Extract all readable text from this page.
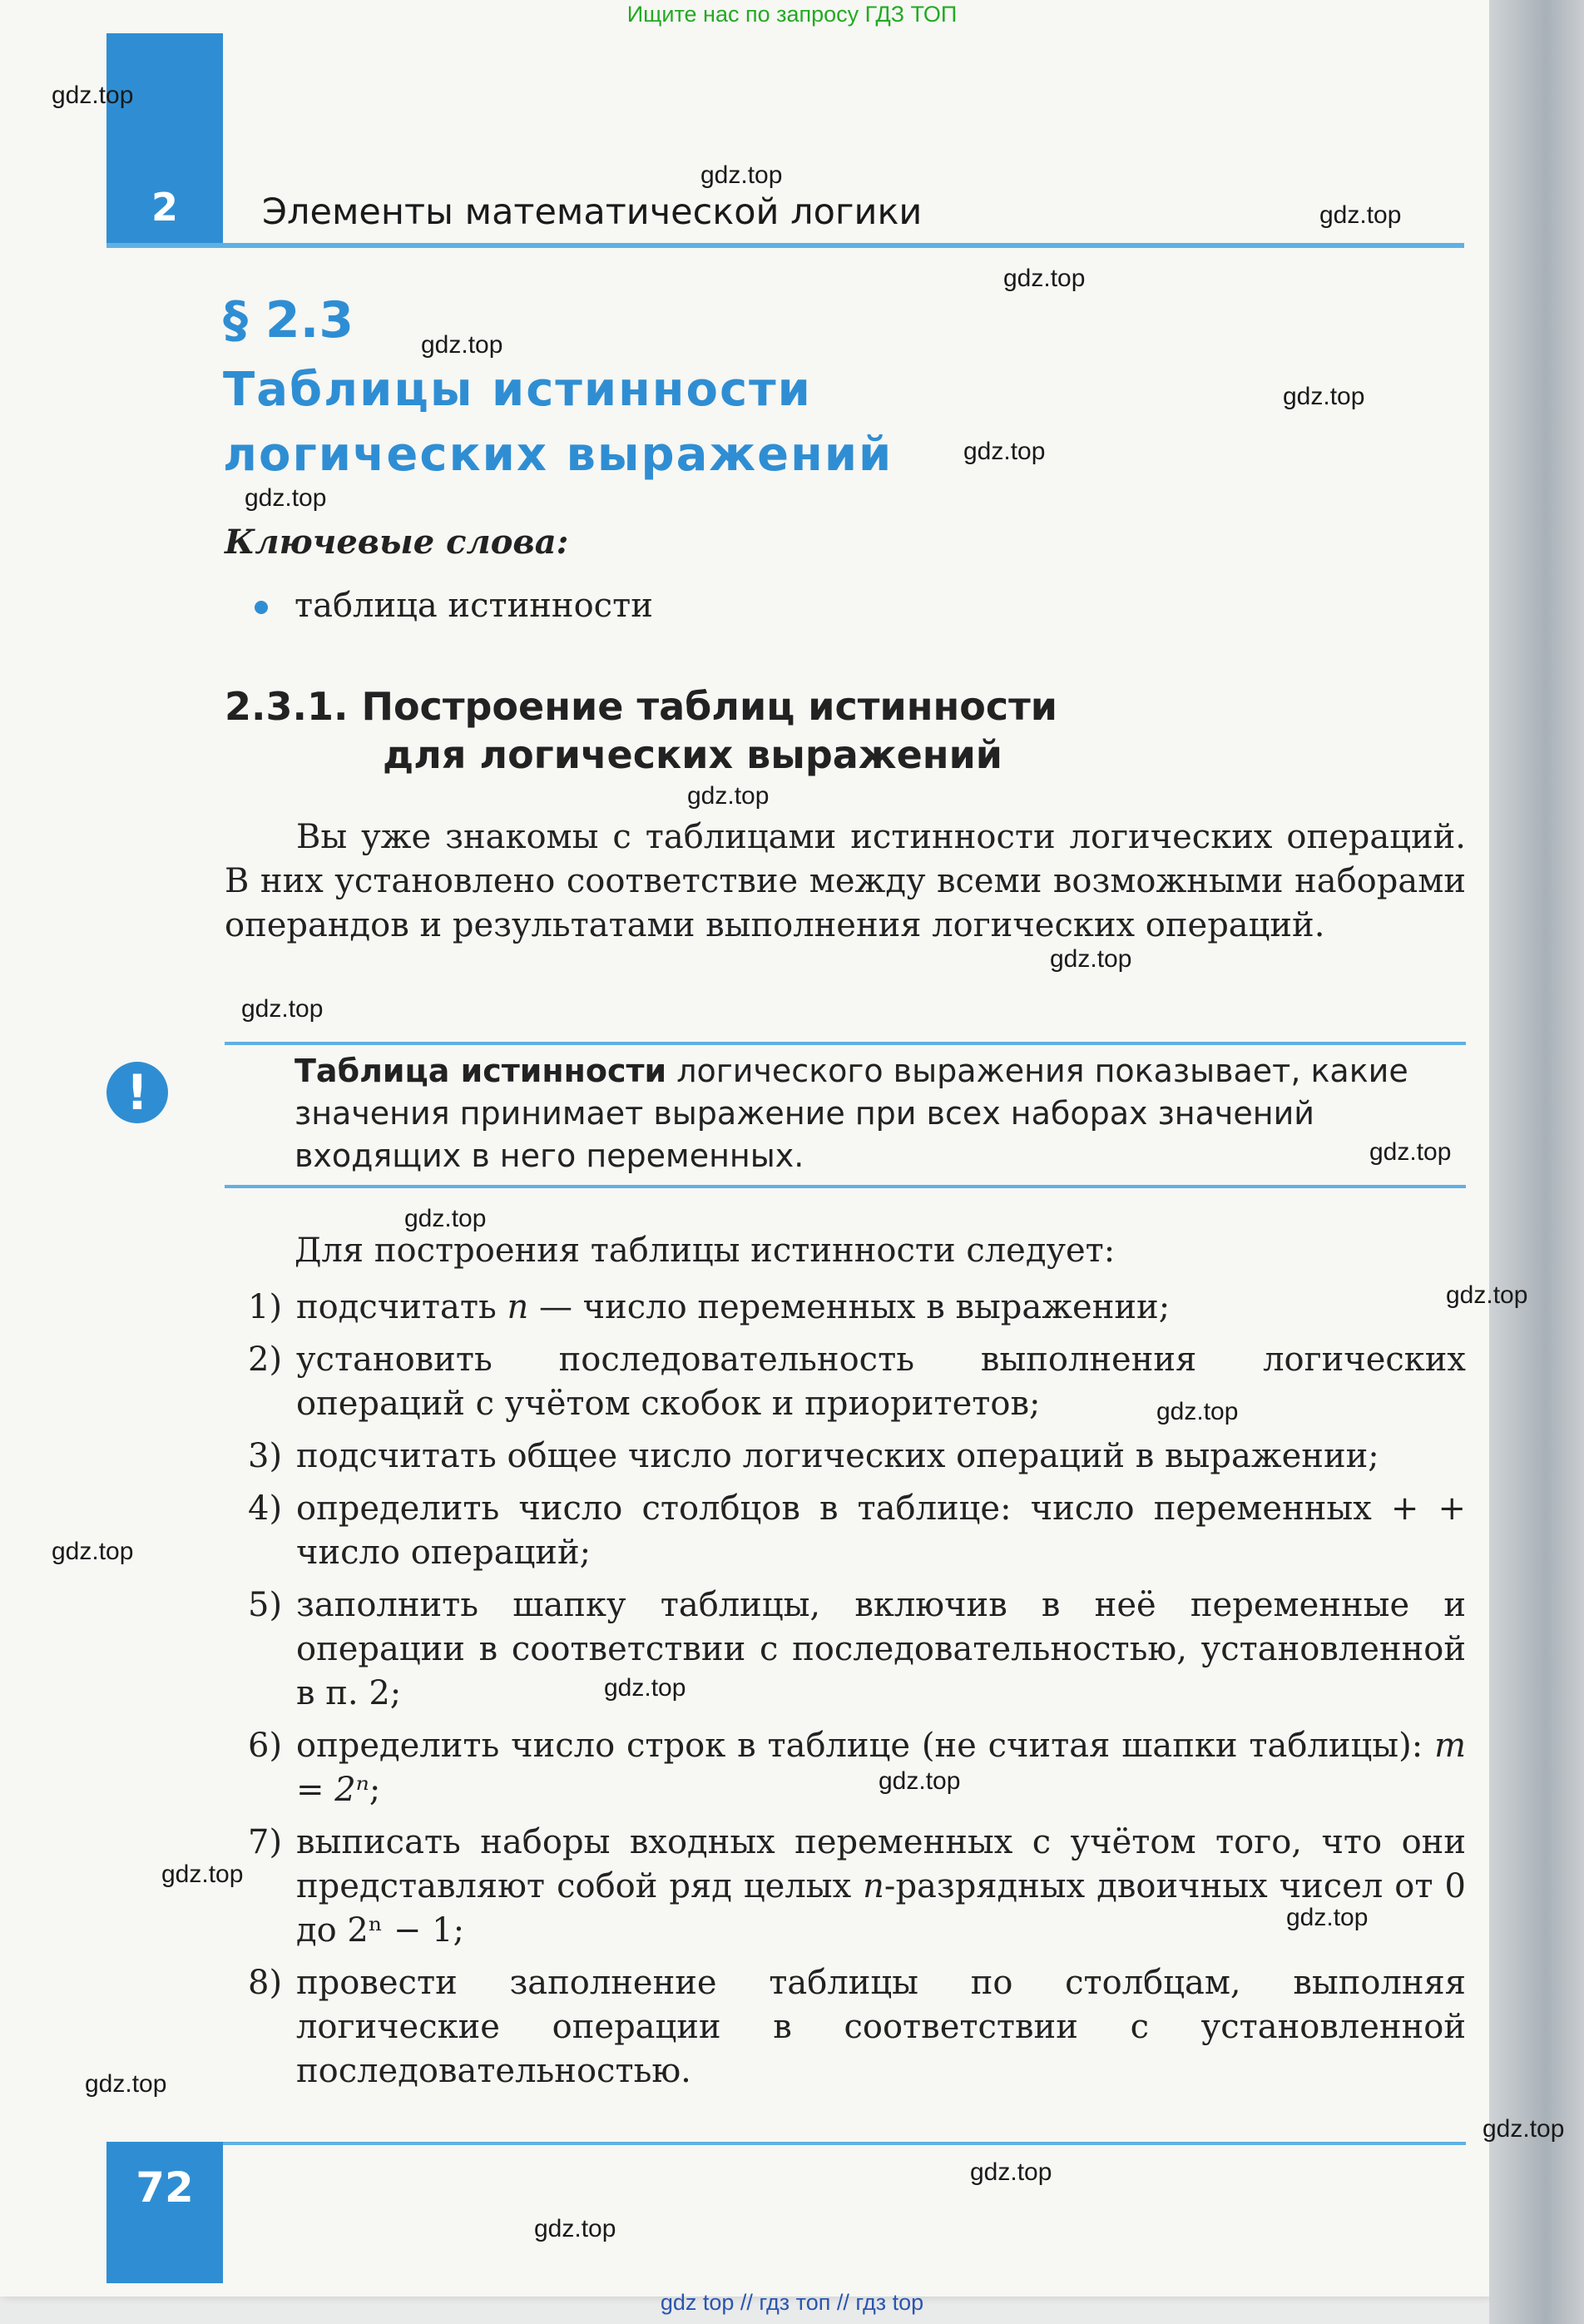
Ищите нас по запросу ГДЗ ТОП
2	Элементы математической логики
§ 2.3
Таблицы истинности
логических выражений
Ключевые слова:
таблица истинности
2.3.1. Построение таблиц истинности
для логических выражений
Вы уже знакомы с таблицами истинности логических операций. В них установлено соответствие между всеми возможными наборами операндов и результатами выполнения логических операций.
!	Таблица истинности логического выражения показывает, какие значения принимает выражение при всех наборах значений входящих в него переменных.
Для построения таблицы истинности следует:
1) подсчитать n — число переменных в выражении;
2) установить последовательность выполнения логических операций с учётом скобок и приоритетов;
3) подсчитать общее число логических операций в выражении;
4) определить число столбцов в таблице: число переменных + + число операций;
5) заполнить шапку таблицы, включив в неё переменные и операции в соответствии с последовательностью, установленной в п. 2;
6) определить число строк в таблице (не считая шапки таблицы): m = 2ⁿ;
7) выписать наборы входных переменных с учётом того, что они представляют собой ряд целых n-разрядных двоичных чисел от 0 до 2ⁿ − 1;
8) провести заполнение таблицы по столбцам, выполняя логические операции в соответствии с установленной последовательностью.
72
gdz.top
gdz.top
gdz.top
gdz.top
gdz.top
gdz.top
gdz.top
gdz.top
gdz.top
gdz.top
gdz.top
gdz.top
gdz.top
gdz.top
gdz.top
gdz.top
gdz.top
gdz.top
gdz.top
gdz.top
gdz.top
gdz.top
gdz.top
gdz.top
gdz top // гдз топ // гдз top
